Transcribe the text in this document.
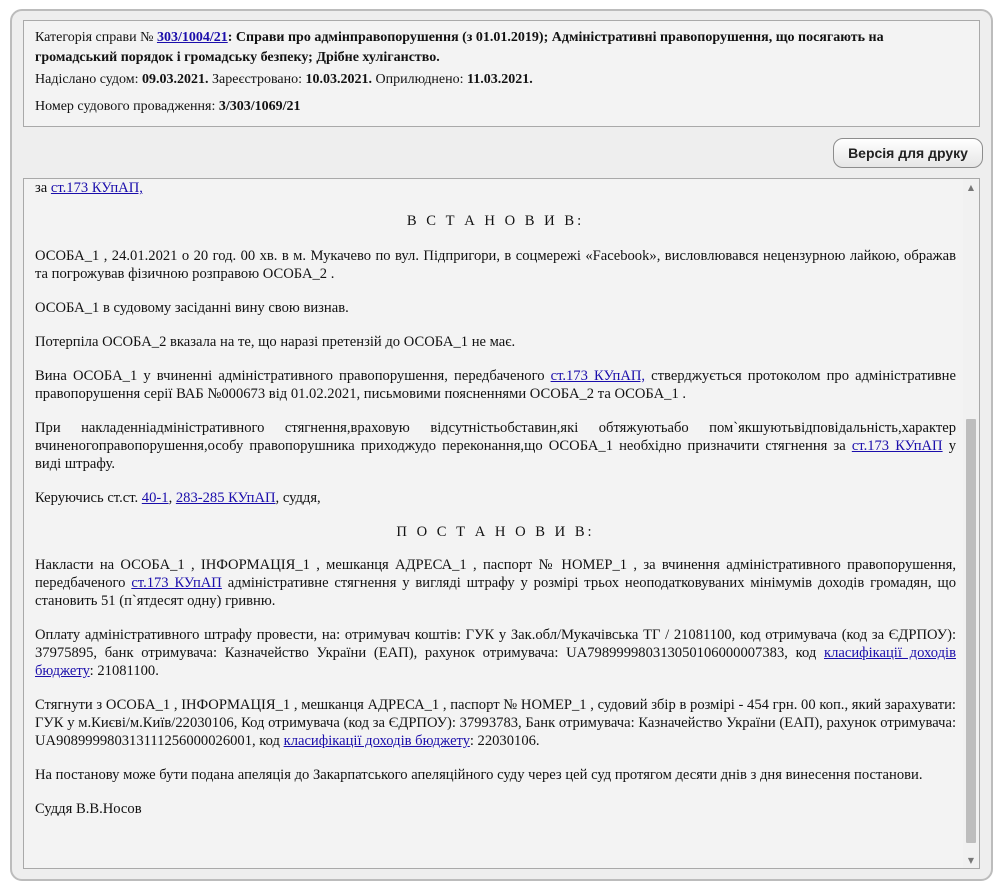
Категорія справи № 303/1004/21: Справи про адмінправопорушення (з 01.01.2019); Адміністративні правопорушення, що посягають на громадський порядок і громадську безпеку; Дрібне хуліганство.

Надіслано судом: 09.03.2021. Зареєстровано: 10.03.2021. Оприлюднено: 11.03.2021.

Номер судового провадження: 3/303/1069/21

Версія для друку

за ст.173 КУпАП,

В С Т А Н О В И В:

ОСОБА_1 , 24.01.2021 о 20 год. 00 хв. в м. Мукачево по вул. Підпригори, в соцмережі «Facebook», висловлювався нецензурною лайкою, ображав та погрожував фізичною розправою ОСОБА_2 .

ОСОБА_1 в судовому засіданні вину свою визнав.

Потерпіла ОСОБА_2 вказала на те, що наразі претензій до ОСОБА_1 не має.

Вина ОСОБА_1 у вчиненні адміністративного правопорушення, передбаченого ст.173 КУпАП, стверджується протоколом про адміністративне правопорушення серії ВАБ №000673 від 01.02.2021, письмовими поясненнями ОСОБА_2 та ОСОБА_1 .

При накладенніадміністративного стягнення,враховую відсутністьобставин,які обтяжуютьабо пом`якшуютьвідповідальність,характер вчиненогоправопорушення,особу правопорушника приходжудо переконання,що ОСОБА_1 необхідно призначити стягнення за ст.173 КУпАП у виді штрафу.

Керуючись ст.ст. 40-1, 283-285 КУпАП, суддя,

П О С Т А Н О В И В:

Накласти на ОСОБА_1 , ІНФОРМАЦІЯ_1 , мешканця АДРЕСА_1 , паспорт № НОМЕР_1 , за вчинення адміністративного правопорушення, передбаченого ст.173 КУпАП адміністративне стягнення у вигляді штрафу у розмірі трьох неоподатковуваних мінімумів доходів громадян, що становить 51 (п`ятдесят одну) гривню.

Оплату адміністративного штрафу провести, на: отримувач коштів: ГУК у Зак.обл/Мукачівська ТГ / 21081100, код отримувача (код за ЄДРПОУ): 37975895, банк отримувача: Казначейство України (ЕАП), рахунок отримувача: UA798999980313050106000007383, код класифікації доходів бюджету: 21081100.

Стягнути з ОСОБА_1 , ІНФОРМАЦІЯ_1 , мешканця АДРЕСА_1 , паспорт № НОМЕР_1 , судовий збір в розмірі - 454 грн. 00 коп., який зарахувати: ГУК у м.Києві/м.Київ/22030106, Код отримувача (код за ЄДРПОУ): 37993783, Банк отримувача: Казначейство України (ЕАП), рахунок отримувача: UA908999980313111256000026001, код класифікації доходів бюджету: 22030106.

На постанову може бути подана апеляція до Закарпатського апеляційного суду через цей суд протягом десяти днів з дня винесення постанови.

Суддя В.В.Носов

▲
▼
